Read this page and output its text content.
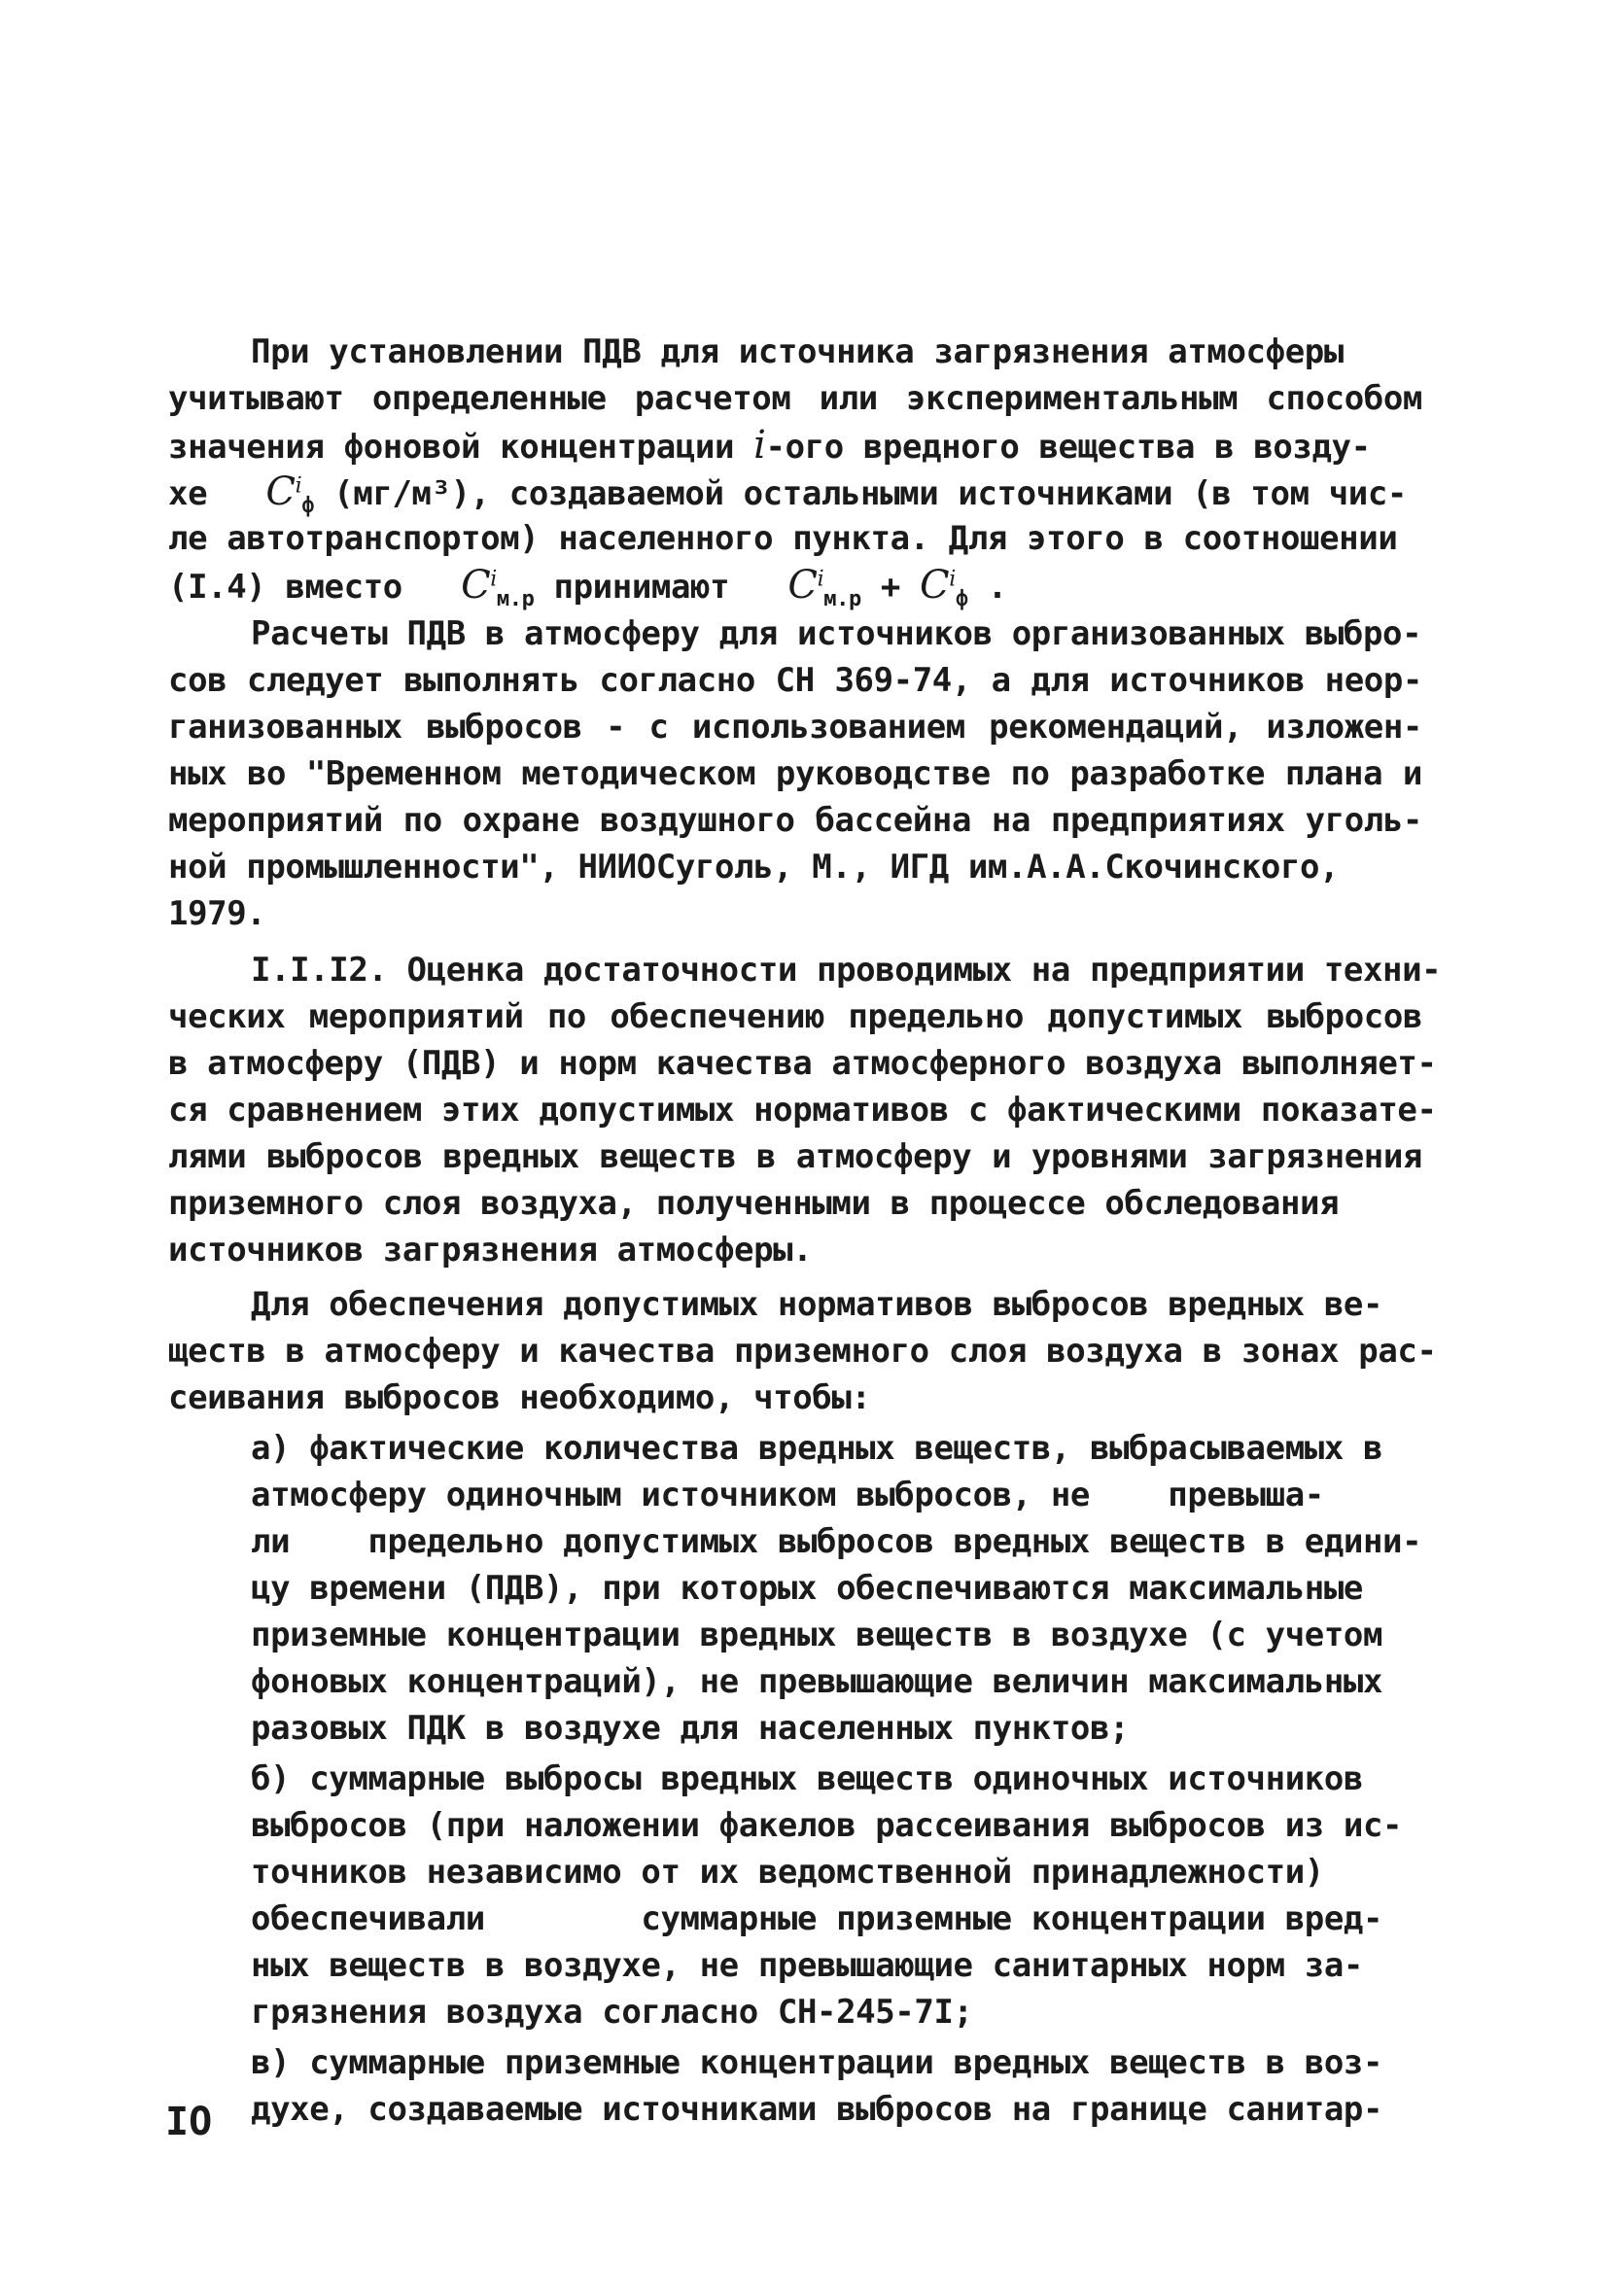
При установлении ПДВ для источника загрязнения атмосферы

учитывают определенные расчетом или экспериментальным способом

значения фоновой концентрации i-ого вредного вещества в возду-

хе   $C^i_ф$ (мг/м³), создаваемой остальными источниками (в том чис-

ле автотранспортом) населенного пункта. Для этого в соотношении

(I.4) вместо   $C^i_{м.р}$ принимают   $C^i_{м.р} + C^i_ф$ .

Расчеты ПДВ в атмосферу для источников организованных выбро-

сов следует выполнять согласно СН 369-74, а для источников неор-

ганизованных выбросов - с использованием рекомендаций, изложен-

ных во "Временном методическом руководстве по разработке плана и

мероприятий по охране воздушного бассейна на предприятиях уголь-

ной промышленности", НИИОСуголь, М., ИГД им.А.А.Скочинского,

1979.

I.I.I2. Оценка достаточности проводимых на предприятии техни-

ческих мероприятий по обеспечению предельно допустимых выбросов

в атмосферу (ПДВ) и норм качества атмосферного воздуха выполняет-

ся сравнением этих допустимых нормативов с фактическими показате-

лями выбросов вредных веществ в атмосферу и уровнями загрязнения

приземного слоя воздуха, полученными в процессе обследования

источников загрязнения атмосферы.

Для обеспечения допустимых нормативов выбросов вредных ве-

ществ в атмосферу и качества приземного слоя воздуха в зонах рас-

сеивания выбросов необходимо, чтобы:

а) фактические количества вредных веществ, выбрасываемых в

атмосферу одиночным источником выбросов, не    превыша-

ли    предельно допустимых выбросов вредных веществ в едини-

цу времени (ПДВ), при которых обеспечиваются максимальные

приземные концентрации вредных веществ в воздухе (с учетом

фоновых концентраций), не превышающие величин максимальных

разовых ПДК в воздухе для населенных пунктов;

б) суммарные выбросы вредных веществ одиночных источников

выбросов (при наложении факелов рассеивания выбросов из ис-

точников независимо от их ведомственной принадлежности)

обеспечивали        суммарные приземные концентрации вред-

ных веществ в воздухе, не превышающие санитарных норм за-

грязнения воздуха согласно СН-245-7I;

в) суммарные приземные концентрации вредных веществ в воз-

духе, создаваемые источниками выбросов на границе санитар-

IO
